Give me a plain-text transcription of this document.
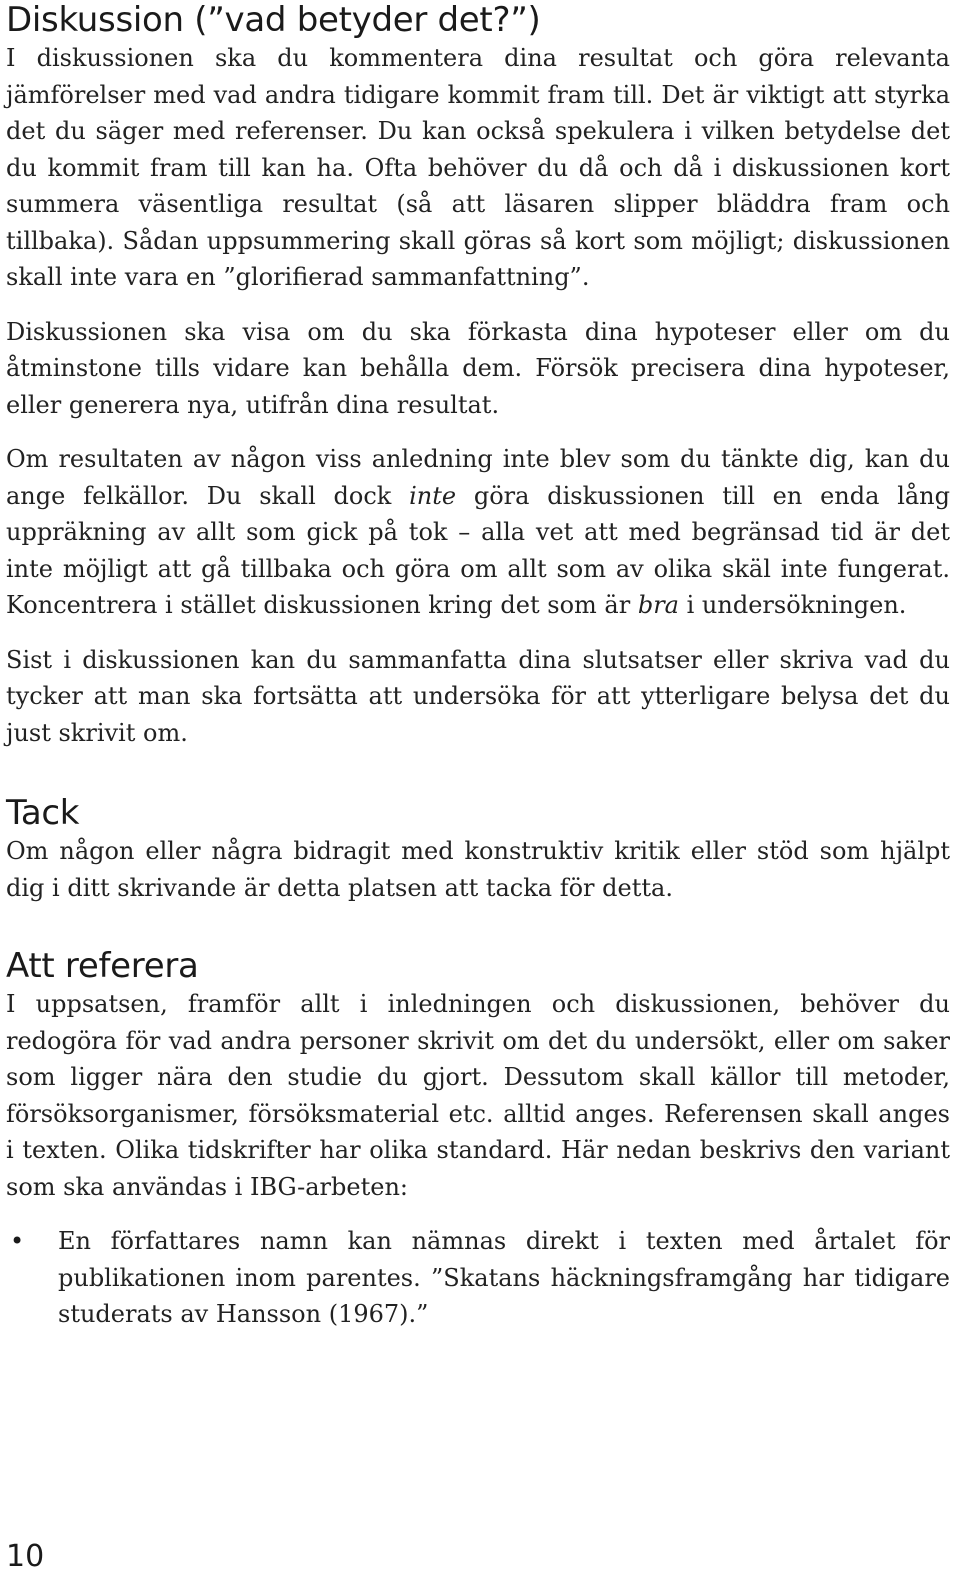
Diskussion (”vad betyder det?”)

I diskussionen ska du kommentera dina resultat och göra relevanta jämförelser med vad andra tidigare kommit fram till. Det är viktigt att styrka det du säger med referenser. Du kan också spekulera i vilken betydelse det du kommit fram till kan ha. Ofta behöver du då och då i diskussionen kort summera väsentliga resultat (så att läsaren slipper bläddra fram och tillbaka). Sådan uppsummering skall göras så kort som möjligt; diskussionen skall inte vara en ”glorifierad sammanfattning”.

Diskussionen ska visa om du ska förkasta dina hypoteser eller om du åtminstone tills vidare kan behålla dem. Försök precisera dina hypoteser, eller generera nya, utifrån dina resultat.

Om resultaten av någon viss anledning inte blev som du tänkte dig, kan du ange felkällor. Du skall dock inte göra diskussionen till en enda lång uppräkning av allt som gick på tok – alla vet att med begränsad tid är det inte möjligt att gå tillbaka och göra om allt som av olika skäl inte fungerat. Koncentrera i stället diskussionen kring det som är bra i undersökningen.

Sist i diskussionen kan du sammanfatta dina slutsatser eller skriva vad du tycker att man ska fortsätta att undersöka för att ytterligare belysa det du just skrivit om.

Tack

Om någon eller några bidragit med konstruktiv kritik eller stöd som hjälpt dig i ditt skrivande är detta platsen att tacka för detta.

Att referera

I uppsatsen, framför allt i inledningen och diskussionen, behöver du redogöra för vad andra personer skrivit om det du undersökt, eller om saker som ligger nära den studie du gjort. Dessutom skall källor till metoder, försöksorganismer, försöksmaterial etc. alltid anges. Referensen skall anges i texten. Olika tidskrifter har olika standard. Här nedan beskrivs den variant som ska användas i IBG-arbeten:

• En författares namn kan nämnas direkt i texten med årtalet för publikationen inom parentes. ”Skatans häckningsframgång har tidigare studerats av Hansson (1967).”

10
